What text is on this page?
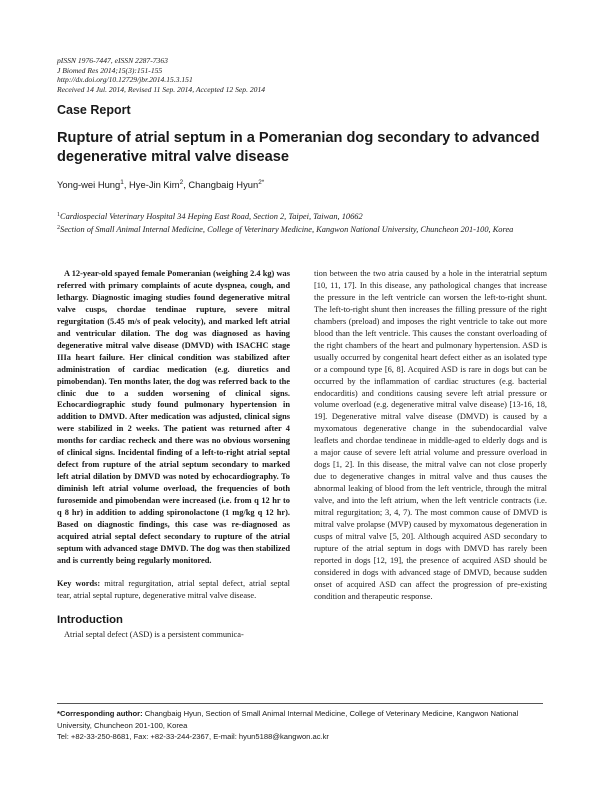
pISSN 1976-7447, eISSN 2287-7363
J Biomed Res 2014;15(3):151-155
http://dx.doi.org/10.12729/jbr.2014.15.3.151
Received 14 Jul. 2014, Revised 11 Sep. 2014, Accepted 12 Sep. 2014
Case Report
Rupture of atrial septum in a Pomeranian dog secondary to advanced degenerative mitral valve disease
Yong-wei Hung$^1$, Hye-Jin Kim$^2$, Changbaig Hyun$^{2*}$

$^1$Cardiospecial Veterinary Hospital 34 Heping East Road, Section 2, Taipei, Taiwan, 10662

$^2$Section of Small Animal Internal Medicine, College of Veterinary Medicine, Kangwon National University, Chuncheon 201-100, Korea

A 12-year-old spayed female Pomeranian (weighing 2.4 kg) was referred with primary complaints of acute dyspnea, cough, and lethargy. Diagnostic imaging studies found degenerative mitral valve cusps, chordae tendinae rupture, severe mitral regurgitation (5.45 m/s of peak velocity), and marked left atrial and ventricular dilation. The dog was diagnosed as having degenerative mitral valve disease (DMVD) with ISACHC stage IIIa heart failure. Her clinical condition was stabilized after administration of cardiac medication (e.g. diuretics and pimobendan). Ten months later, the dog was referred back to the clinic due to a sudden worsening of clinical signs. Echocardiographic study found pulmonary hypertension in addition to DMVD. After medication was adjusted, clinical signs were stabilized in 2 weeks. The patient was returned after 4 months for cardiac recheck and there was no obvious worsening of clinical signs. Incidental finding of a left-to-right atrial septal defect from rupture of the atrial septum secondary to marked left atrial dilation by DMVD was noted by echocardiography. To diminish left atrial volume overload, the frequencies of both furosemide and pimobendan were increased (i.e. from q 12 hr to q 8 hr) in addition to adding spironolactone (1 mg/kg q 12 hr). Based on diagnostic findings, this case was re-diagnosed as acquired atrial septal defect secondary to rupture of the atrial septum with advanced stage DMVD. The dog was then stabilized and is currently being regularly monitored.

Key words: mitral regurgitation, atrial septal defect, atrial septal tear, atrial septal rupture, degenerative mitral valve disease.

Introduction

Atrial septal defect (ASD) is a persistent communica-

tion between the two atria caused by a hole in the interatrial septum [10, 11, 17]. In this disease, any pathological changes that increase the pressure in the left ventricle can worsen the left-to-right shunt. The left-to-right shunt then increases the filling pressure of the right chambers (preload) and imposes the right ventricle to take out more blood than the left ventricle. This causes the constant overloading of the right chambers of the heart and pulmonary hypertension. ASD is usually occurred by congenital heart defect either as an isolated type or a compound type [6, 8]. Acquired ASD is rare in dogs but can be occurred by the inflammation of cardiac structures (e.g. bacterial endocarditis) and conditions causing severe left atrial pressure or volume overload (e.g. degenerative mitral valve disease) [13-16, 18, 19]. Degenerative mitral valve disease (DMVD) is caused by a myxomatous degenerative change in the subendocardial valve leaflets and chordae tendineae in middle-aged to elderly dogs and is a major cause of severe left atrial volume and pressure overload in dogs [1, 2]. In this disease, the mitral valve can not close properly due to degenerative changes in mitral valve and thus causes the abnormal leaking of blood from the left ventricle, through the mitral valve, and into the left atrium, when the left ventricle contracts (i.e. mitral regurgitation; 3, 4, 7). The most common cause of DMVD is mitral valve prolapse (MVP) caused by myxomatous degeneration in cusps of mitral valve [5, 20]. Although acquired ASD secondary to rupture of the atrial septum in dogs with DMVD has rarely been reported in dogs [12, 19], the presence of acquired ASD should be considered in dogs with advanced stage of DMVD, because sudden onset of acquired ASD can affect the progression of pre-existing condition and therapeutic response.

*Corresponding author: Changbaig Hyun, Section of Small Animal Internal Medicine, College of Veterinary Medicine, Kangwon National University, Chuncheon 201-100, Korea

Tel: +82-33-250-8681, Fax: +82-33-244-2367, E-mail: hyun5188@kangwon.ac.kr
